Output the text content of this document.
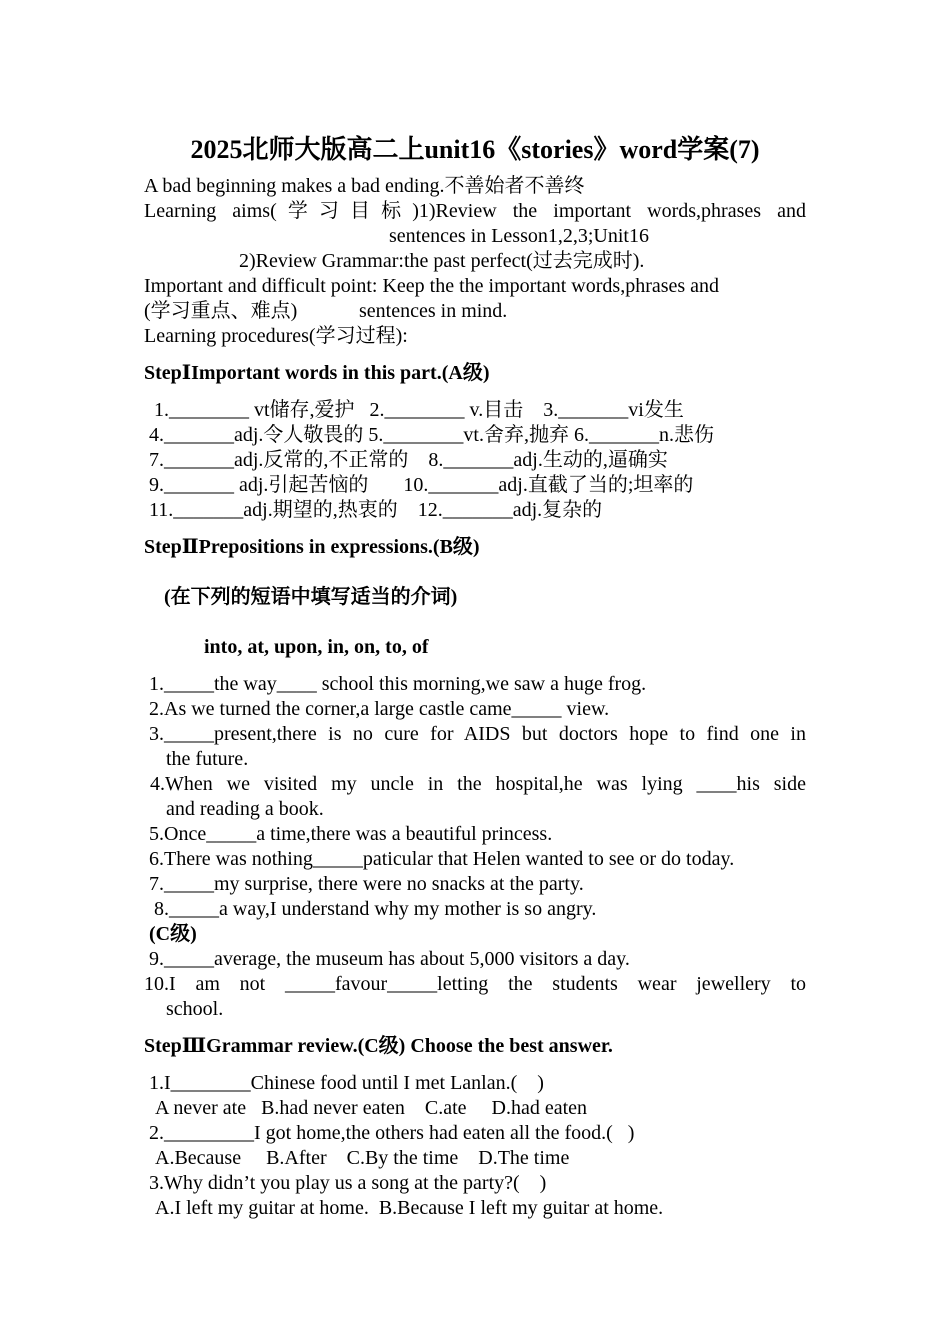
2025北师大版高二上unit16《stories》word学案(7)
A bad beginning makes a bad ending.不善始者不善终
Learning aims(学习目标)1)Review the important words,phrases and
sentences in Lesson1,2,3;Unit16
2)Review Grammar:the past perfect(过去完成时).
Important and difficult point: Keep the the important words,phrases and
(学习重点、难点)	sentences in mind.
Learning procedures(学习过程):
StepⅠImportant words in this part.(A级)
1.________ vt储存,爱护   2.________ v.目击    3._______vi发生
4._______adj.令人敬畏的 5.________vt.舍弃,抛弃 6._______n.悲伤
7._______adj.反常的,不正常的    8._______adj.生动的,逼确实
9._______ adj.引起苦恼的       10._______adj.直截了当的;坦率的
11._______adj.期望的,热衷的    12._______adj.复杂的
StepⅡPrepositions in expressions.(B级)
(在下列的短语中填写适当的介词)
into, at, upon, in, on, to, of
1._____the way____ school this morning,we saw a huge frog.
2.As we turned the corner,a large castle came_____ view.
3._____present,there is no cure for AIDS but doctors hope to find one in
the future.
4.When we visited my uncle in the hospital,he was lying ____his side
and reading a book.
5.Once_____a time,there was a beautiful princess.
6.There was nothing_____paticular that Helen wanted to see or do today.
7._____my surprise, there were no snacks at the party.
8._____a way,I understand why my mother is so angry.
(C级)
9._____average, the museum has about 5,000 visitors a day.
10.I am not _____favour_____letting the students wear jewellery to
school.
StepⅢGrammar review.(C级) Choose the best answer.
1.I________Chinese food until I met Lanlan.(    )
A never ate   B.had never eaten    C.ate     D.had eaten
2._________I got home,the others had eaten all the food.(   )
A.Because     B.After    C.By the time    D.The time
3.Why didn’t you play us a song at the party?(    )
A.I left my guitar at home.  B.Because I left my guitar at home.
